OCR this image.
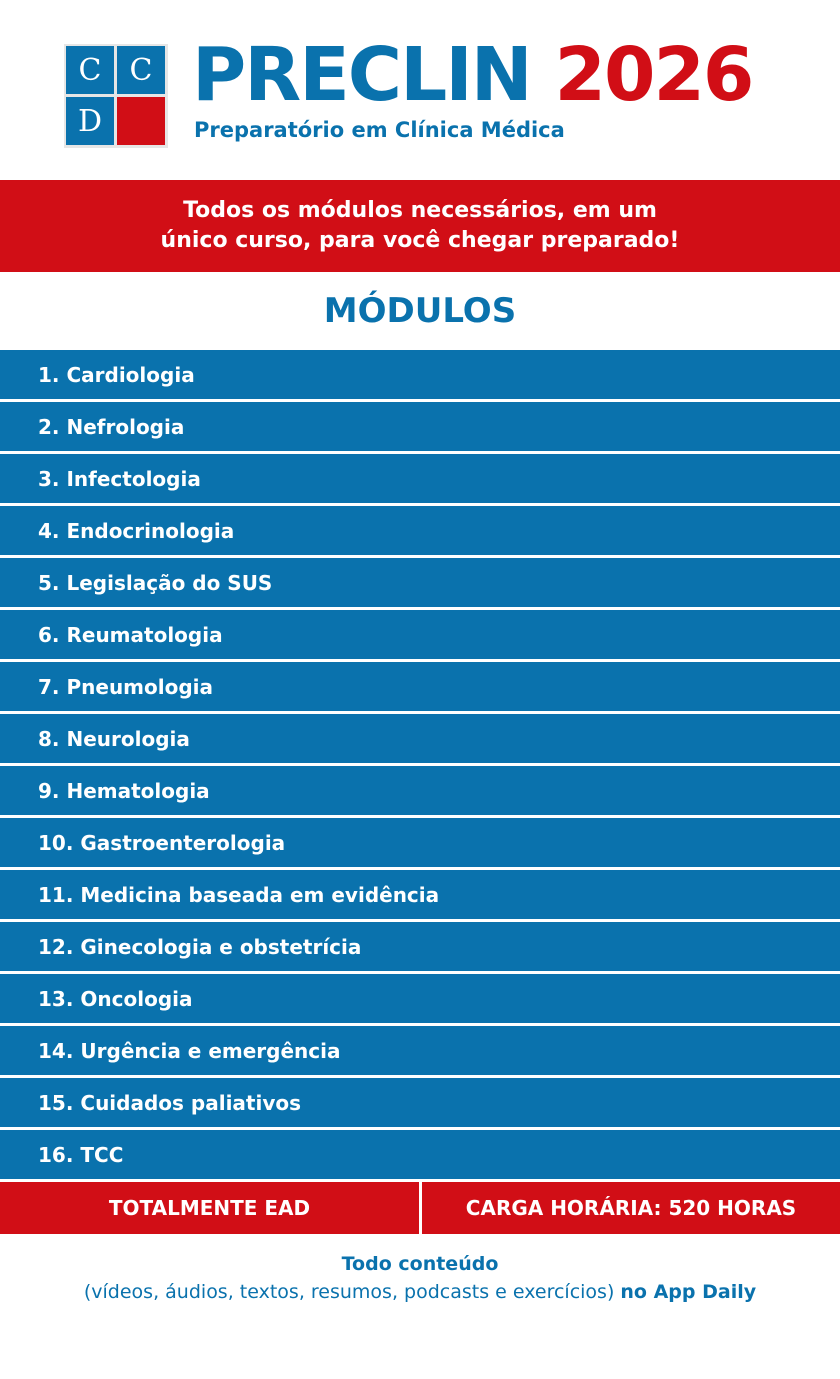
C C
D
PRECLIN 2026
Preparatório em Clínica Médica
Todos os módulos necessários, em um
único curso, para você chegar preparado!
MÓDULOS
1. Cardiologia
2. Nefrologia
3. Infectologia
4. Endocrinologia
5. Legislação do SUS
6. Reumatologia
7. Pneumologia
8. Neurologia
9. Hematologia
10. Gastroenterologia
11. Medicina baseada em evidência
12. Ginecologia e obstetrícia
13. Oncologia
14. Urgência e emergência
15. Cuidados paliativos
16. TCC
TOTALMENTE EAD	CARGA HORÁRIA: 520 HORAS
Todo conteúdo
(vídeos, áudios, textos, resumos, podcasts e exercícios) no App Daily
